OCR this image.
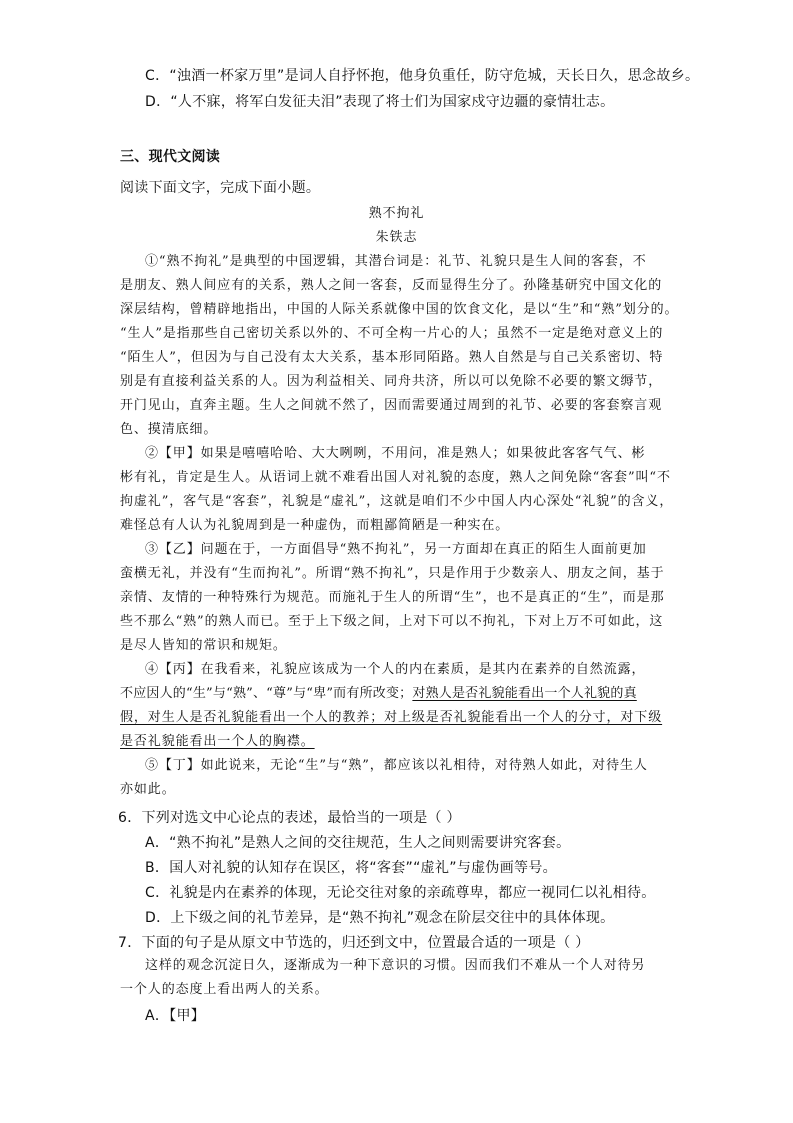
C．“浊酒一杯家万里”是词人自抒怀抱，他身负重任，防守危城，天长日久，思念故乡。
D．“人不寐，将军白发征夫泪”表现了将士们为国家戍守边疆的豪情壮志。
三、现代文阅读
阅读下面文字，完成下面小题。
熟不拘礼
朱铁志
①“熟不拘礼”是典型的中国逻辑，其潜台词是：礼节、礼貌只是生人间的客套，不
是朋友、熟人间应有的关系，熟人之间一客套，反而显得生分了。孙隆基研究中国文化的
深层结构，曾精辟地指出，中国的人际关系就像中国的饮食文化，是以“生”和“熟”划分的。
“生人”是指那些自己密切关系以外的、不可全构一片心的人；虽然不一定是绝对意义上的
“陌生人”，但因为与自己没有太大关系，基本形同陌路。熟人自然是与自己关系密切、特
别是有直接利益关系的人。因为利益相关、同舟共济，所以可以免除不必要的繁文缛节，
开门见山，直奔主题。生人之间就不然了，因而需要通过周到的礼节、必要的客套察言观
色、摸清底细。
②【甲】如果是嘻嘻哈哈、大大咧咧，不用问，准是熟人；如果彼此客客气气、彬
彬有礼，肯定是生人。从语词上就不难看出国人对礼貌的态度，熟人之间免除“客套”叫“不
拘虚礼”，客气是“客套”，礼貌是“虚礼”，这就是咱们不少中国人内心深处“礼貌”的含义，
难怪总有人认为礼貌周到是一种虚伪，而粗鄙简陋是一种实在。
③【乙】问题在于，一方面倡导“熟不拘礼”，另一方面却在真正的陌生人面前更加
蛮横无礼，并没有“生而拘礼”。所谓“熟不拘礼”，只是作用于少数亲人、朋友之间，基于
亲情、友情的一种特殊行为规范。而施礼于生人的所谓“生”，也不是真正的“生”，而是那
些不那么“熟”的熟人而已。至于上下级之间，上对下可以不拘礼，下对上万不可如此，这
是尽人皆知的常识和规矩。
④【丙】在我看来，礼貌应该成为一个人的内在素质，是其内在素养的自然流露，
不应因人的“生”与“熟”、“尊”与“卑”而有所改变；对熟人是否礼貌能看出一个人礼貌的真
假，对生人是否礼貌能看出一个人的教养；对上级是否礼貌能看出一个人的分寸，对下级
是否礼貌能看出一个人的胸襟。
⑤【丁】如此说来，无论“生”与“熟”，都应该以礼相待，对待熟人如此，对待生人
亦如此。
6．下列对选文中心论点的表述，最恰当的一项是（ ）
A．“熟不拘礼”是熟人之间的交往规范，生人之间则需要讲究客套。
B．国人对礼貌的认知存在误区，将“客套”“虚礼”与虚伪画等号。
C．礼貌是内在素养的体现，无论交往对象的亲疏尊卑，都应一视同仁以礼相待。
D．上下级之间的礼节差异，是“熟不拘礼”观念在阶层交往中的具体体现。
7．下面的句子是从原文中节选的，归还到文中，位置最合适的一项是（ ）
这样的观念沉淀日久，逐渐成为一种下意识的习惯。因而我们不难从一个人对待另
一个人的态度上看出两人的关系。
A．【甲】
